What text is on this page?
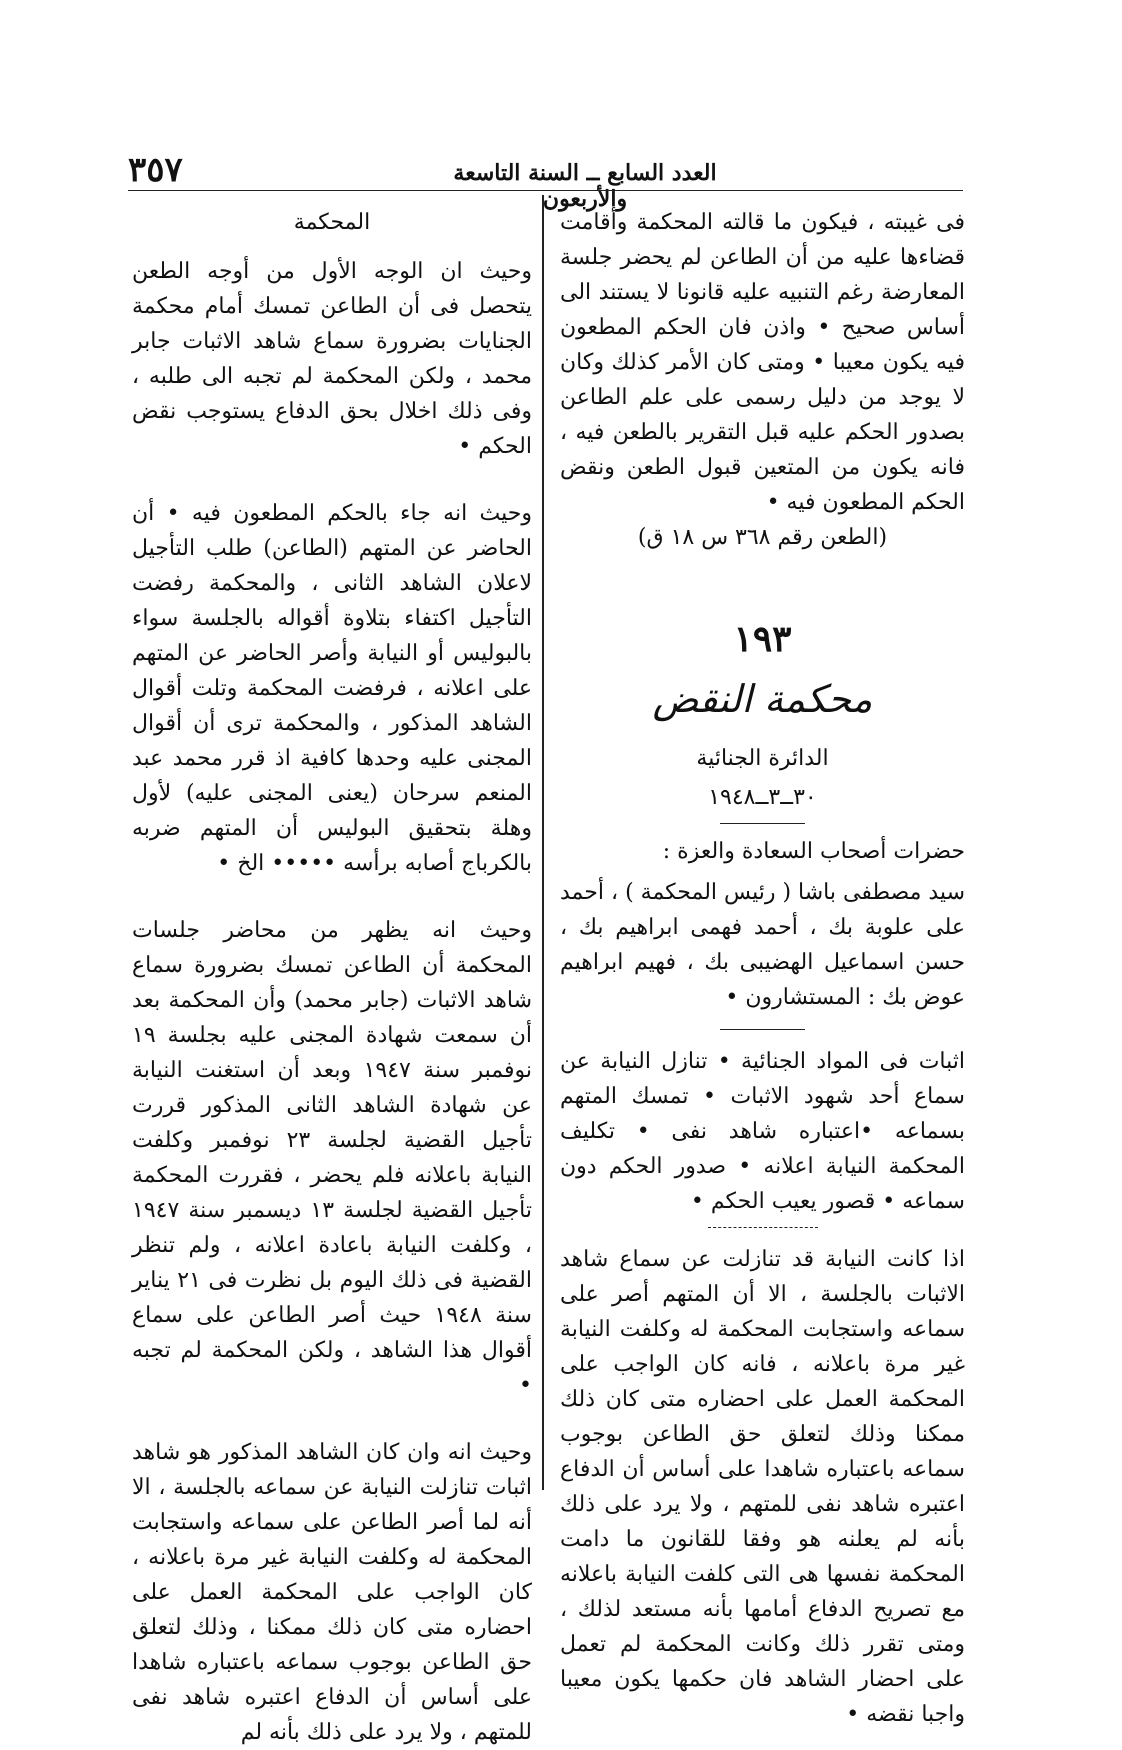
٣٥٧	العدد السابع ــ السنة التاسعة والأربعون

فى غيبته ، فيكون ما قالته المحكمة وأقامت قضاءها عليه من أن الطاعن لم يحضر جلسة المعارضة رغم التنبيه عليه قانونا لا يستند الى أساس صحيح • واذن فان الحكم المطعون فيه يكون معيبا • ومتى كان الأمر كذلك وكان لا يوجد من دليل رسمى على علم الطاعن بصدور الحكم عليه قبل التقرير بالطعن فيه ، فانه يكون من المتعين قبول الطعن ونقض الحكم المطعون فيه •

(الطعن رقم ٣٦٨ س ١٨ ق)

١٩٣
محكمة النقض
الدائرة الجنائية
٣٠ــ٣ــ١٩٤٨

حضرات أصحاب السعادة والعزة :

سيد مصطفى باشا ( رئيس المحكمة ) ، أحمد على علوبة بك ، أحمد فهمى ابراهيم بك ، حسن اسماعيل الهضيبى بك ، فهيم ابراهيم عوض بك : المستشارون •

اثبات فى المواد الجنائية • تنازل النيابة عن سماع أحد شهود الاثبات • تمسك المتهم بسماعه •اعتباره شاهد نفى • تكليف المحكمة النيابة اعلانه • صدور الحكم دون سماعه • قصور يعيب الحكم •

اذا كانت النيابة قد تنازلت عن سماع شاهد الاثبات بالجلسة ، الا أن المتهم أصر على سماعه واستجابت المحكمة له وكلفت النيابة غير مرة باعلانه ، فانه كان الواجب على المحكمة العمل على احضاره متى كان ذلك ممكنا وذلك لتعلق حق الطاعن بوجوب سماعه باعتباره شاهدا على أساس أن الدفاع اعتبره شاهد نفى للمتهم ، ولا يرد على ذلك بأنه لم يعلنه هو وفقا للقانون ما دامت المحكمة نفسها هى التى كلفت النيابة باعلانه مع تصريح الدفاع أمامها بأنه مستعد لذلك ، ومتى تقرر ذلك وكانت المحكمة لم تعمل على احضار الشاهد فان حكمها يكون معيبا واجبا نقضه •

المحكمة

وحيث ان الوجه الأول من أوجه الطعن يتحصل فى أن الطاعن تمسك أمام محكمة الجنايات بضرورة سماع شاهد الاثبات جابر محمد ، ولكن المحكمة لم تجبه الى طلبه ، وفى ذلك اخلال بحق الدفاع يستوجب نقض الحكم •

وحيث انه جاء بالحكم المطعون فيه • أن الحاضر عن المتهم (الطاعن) طلب التأجيل لاعلان الشاهد الثانى ، والمحكمة رفضت التأجيل اكتفاء بتلاوة أقواله بالجلسة سواء بالبوليس أو النيابة وأصر الحاضر عن المتهم على اعلانه ، فرفضت المحكمة وتلت أقوال الشاهد المذكور ، والمحكمة ترى أن أقوال المجنى عليه وحدها كافية اذ قرر محمد عبد المنعم سرحان (يعنى المجنى عليه) لأول وهلة بتحقيق البوليس أن المتهم ضربه بالكرباج أصابه برأسه ••••• الخ •

وحيث انه يظهر من محاضر جلسات المحكمة أن الطاعن تمسك بضرورة سماع شاهد الاثبات (جابر محمد) وأن المحكمة بعد أن سمعت شهادة المجنى عليه بجلسة ١٩ نوفمبر سنة ١٩٤٧ وبعد أن استغنت النيابة عن شهادة الشاهد الثانى المذكور قررت تأجيل القضية لجلسة ٢٣ نوفمبر وكلفت النيابة باعلانه فلم يحضر ، فقررت المحكمة تأجيل القضية لجلسة ١٣ ديسمبر سنة ١٩٤٧ ، وكلفت النيابة باعادة اعلانه ، ولم تنظر القضية فى ذلك اليوم بل نظرت فى ٢١ يناير سنة ١٩٤٨ حيث أصر الطاعن على سماع أقوال هذا الشاهد ، ولكن المحكمة لم تجبه •

وحيث انه وان كان الشاهد المذكور هو شاهد اثبات تنازلت النيابة عن سماعه بالجلسة ، الا أنه لما أصر الطاعن على سماعه واستجابت المحكمة له وكلفت النيابة غير مرة باعلانه ، كان الواجب على المحكمة العمل على احضاره متى كان ذلك ممكنا ، وذلك لتعلق حق الطاعن بوجوب سماعه باعتباره شاهدا على أساس أن الدفاع اعتبره شاهد نفى للمتهم ، ولا يرد على ذلك بأنه لم
